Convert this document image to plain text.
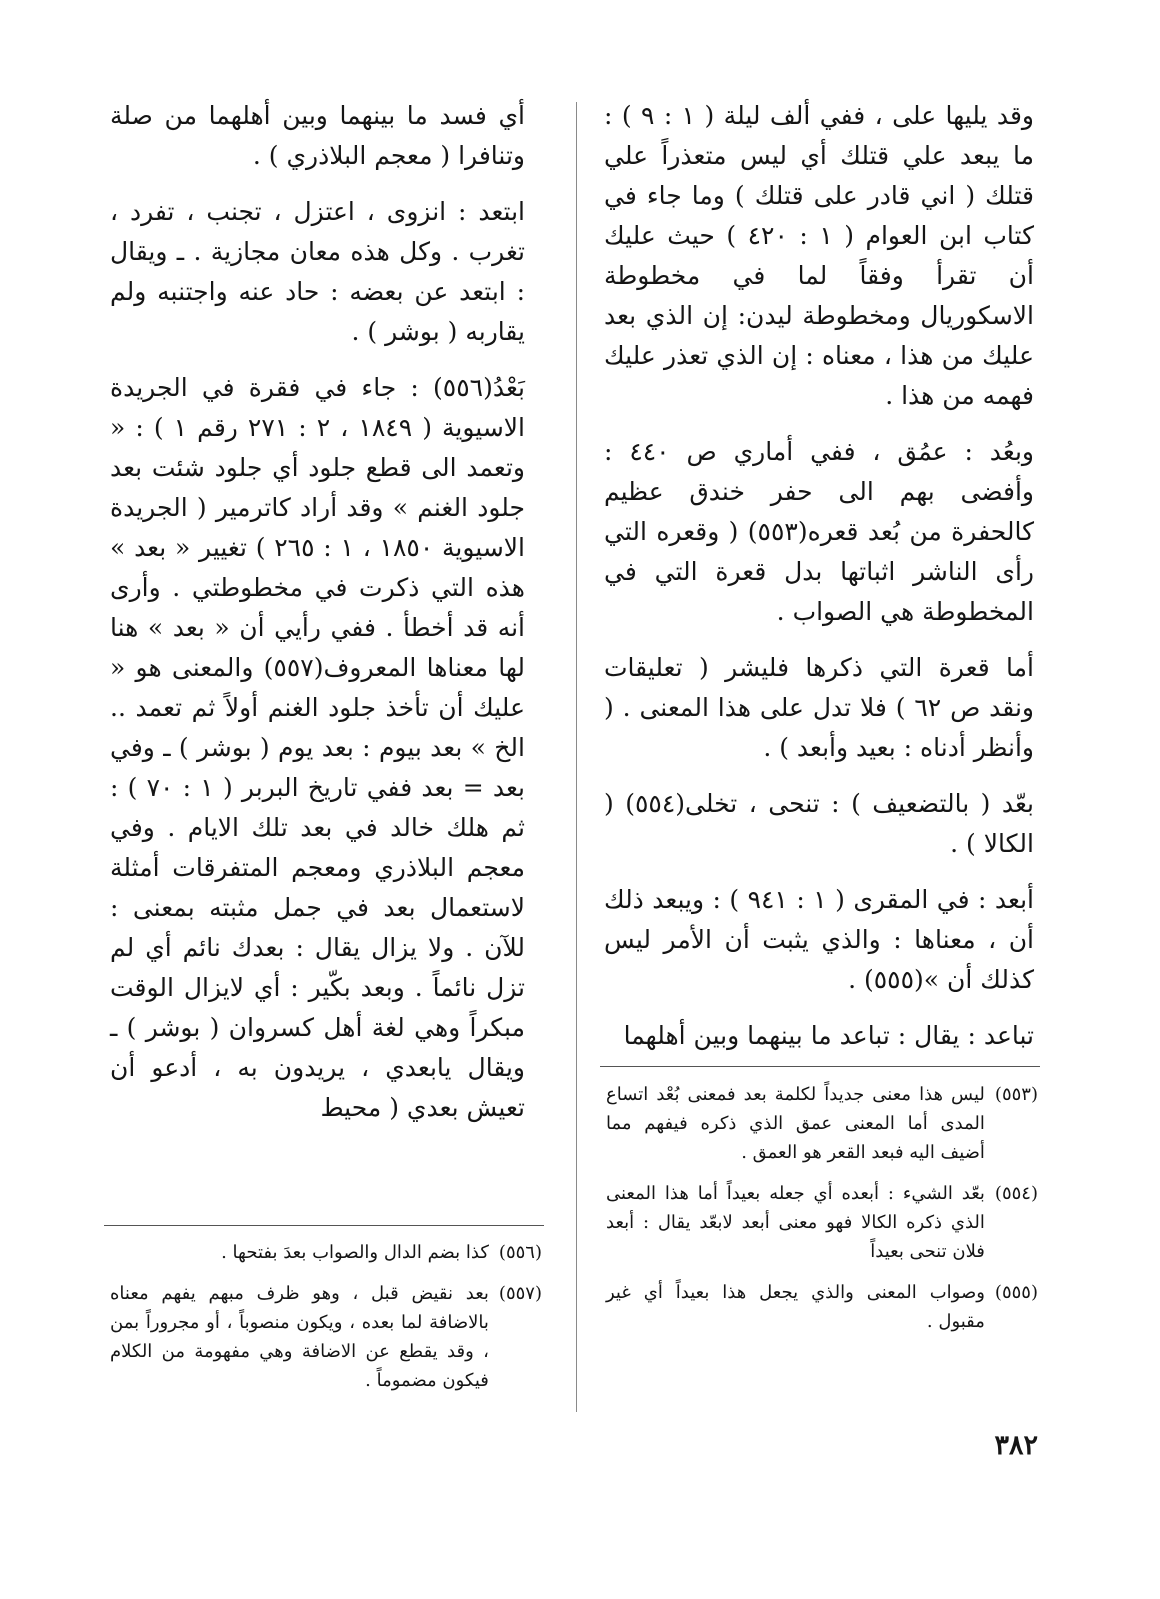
وقد يليها على ، ففي ألف ليلة ( ١ : ٩ ) : ما يبعد علي قتلك أي ليس متعذراً علي قتلك ( اني قادر على قتلك ) وما جاء في كتاب ابن العوام ( ١ : ٤٢٠ ) حيث عليك أن تقرأ وفقاً لما في مخطوطة الاسكوريال ومخطوطة ليدن: إن الذي بعد عليك من هذا ، معناه : إن الذي تعذر عليك فهمه من هذا .

وبعُد : عمُق ، ففي أماري ص ٤٤٠ : وأفضى بهم الى حفر خندق عظيم كالحفرة من بُعد قعره(٥٥٣) ( وقعره التي رأى الناشر اثباتها بدل قعرة التي في المخطوطة هي الصواب .

أما قعرة التي ذكرها فليشر ( تعليقات ونقد ص ٦٢ ) فلا تدل على هذا المعنى . ( وأنظر أدناه : بعيد وأبعد ) .

بعّد ( بالتضعيف ) : تنحى ، تخلى(٥٥٤) ( الكالا ) .

أبعد : في المقرى ( ١ : ٩٤١ ) : ويبعد ذلك أن ، معناها : والذي يثبت أن الأمر ليس كذلك أن »(٥٥٥) .

تباعد : يقال : تباعد ما بينهما وبين أهلهما

أي فسد ما بينهما وبين أهلهما من صلة وتنافرا ( معجم البلاذري ) .

ابتعد : انزوى ، اعتزل ، تجنب ، تفرد ، تغرب . وكل هذه معان مجازية . ـ ويقال : ابتعد عن بعضه : حاد عنه واجتنبه ولم يقاربه ( بوشر ) .

بَعْدُ(٥٥٦) : جاء في فقرة في الجريدة الاسيوية ( ١٨٤٩ ، ٢ : ٢٧١ رقم ١ ) : « وتعمد الى قطع جلود أي جلود شئت بعد جلود الغنم » وقد أراد كاترمير ( الجريدة الاسيوية ١٨٥٠ ، ١ : ٢٦٥ ) تغيير « بعد » هذه التي ذكرت في مخطوطتي . وأرى أنه قد أخطأ . ففي رأيي أن « بعد » هنا لها معناها المعروف(٥٥٧) والمعنى هو « عليك أن تأخذ جلود الغنم أولاً ثم تعمد .. الخ » بعد بيوم : بعد يوم ( بوشر ) ـ وفي بعد = بعد ففي تاريخ البربر ( ١ : ٧٠ ) : ثم هلك خالد في بعد تلك الايام . وفي معجم البلاذري ومعجم المتفرقات أمثلة لاستعمال بعد في جمل مثبته بمعنى : للآن . ولا يزال يقال : بعدك نائم أي لم تزل نائماً . وبعد بكّير : أي لايزال الوقت مبكراً وهي لغة أهل كسروان ( بوشر ) ـ ويقال يابعدي ، يريدون به ، أدعو أن تعيش بعدي ( محيط	(٥٥٣)
ليس هذا معنى جديداً لكلمة بعد فمعنى بُعْد اتساع المدى أما المعنى عمق الذي ذكره فيفهم مما أضيف اليه فبعد القعر هو العمق .
(٥٥٤)
بعّد الشيء : أبعده أي جعله بعيداً أما هذا المعنى الذي ذكره الكالا فهو معنى أبعد لابعّد يقال : أبعد فلان تنحى بعيداً
(٥٥٥)
وصواب المعنى والذي يجعل هذا بعيداً أي غير مقبول .
(٥٥٦)
كذا بضم الدال والصواب بعدَ بفتحها .
(٥٥٧)
بعد نقيض قبل ، وهو ظرف مبهم يفهم معناه بالاضافة لما بعده ، ويكون منصوباً ، أو مجروراً بمن ، وقد يقطع عن الاضافة وهي مفهومة من الكلام فيكون مضموماً .
٣٨٢
